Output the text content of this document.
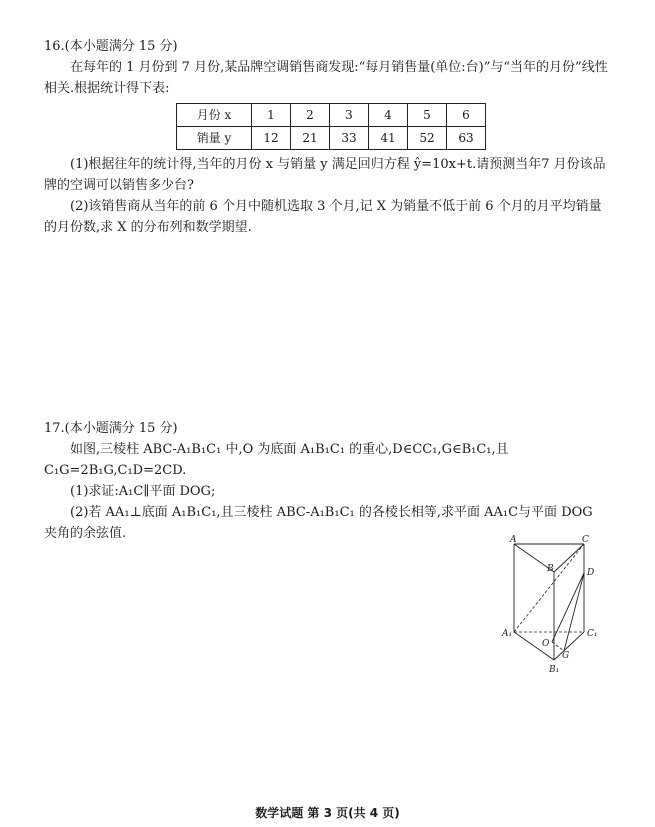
16.(本小题满分 15 分)

在每年的 1 月份到 7 月份,某品牌空调销售商发现:“每月销售量(单位:台)”与“当年的月份”线性相关.根据统计得下表:

月份 x	1	2	3	4	5	6
销量 y	12	21	33	41	52	63

(1)根据往年的统计得,当年的月份 x 与销量 y 满足回归方程 ŷ=10x+t.请预测当年7 月份该品牌的空调可以销售多少台?

(2)该销售商从当年的前 6 个月中随机选取 3 个月,记 X 为销量不低于前 6 个月的月平均销量的月份数,求 X 的分布列和数学期望.

17.(本小题满分 15 分)

如图,三棱柱 ABC-A₁B₁C₁ 中,O 为底面 A₁B₁C₁ 的重心,D∈CC₁,G∈B₁C₁,且C₁G=2B₁G,C₁D=2CD.

(1)求证:A₁C∥平面 DOG;

(2)若 AA₁⊥底面 A₁B₁C₁,且三棱柱 ABC-A₁B₁C₁ 的各棱长相等,求平面 AA₁C与平面 DOG 夹角的余弦值.	A	C
B	D
A₁	C₁
O
G
B₁
数学试题 第 3 页(共 4 页)
